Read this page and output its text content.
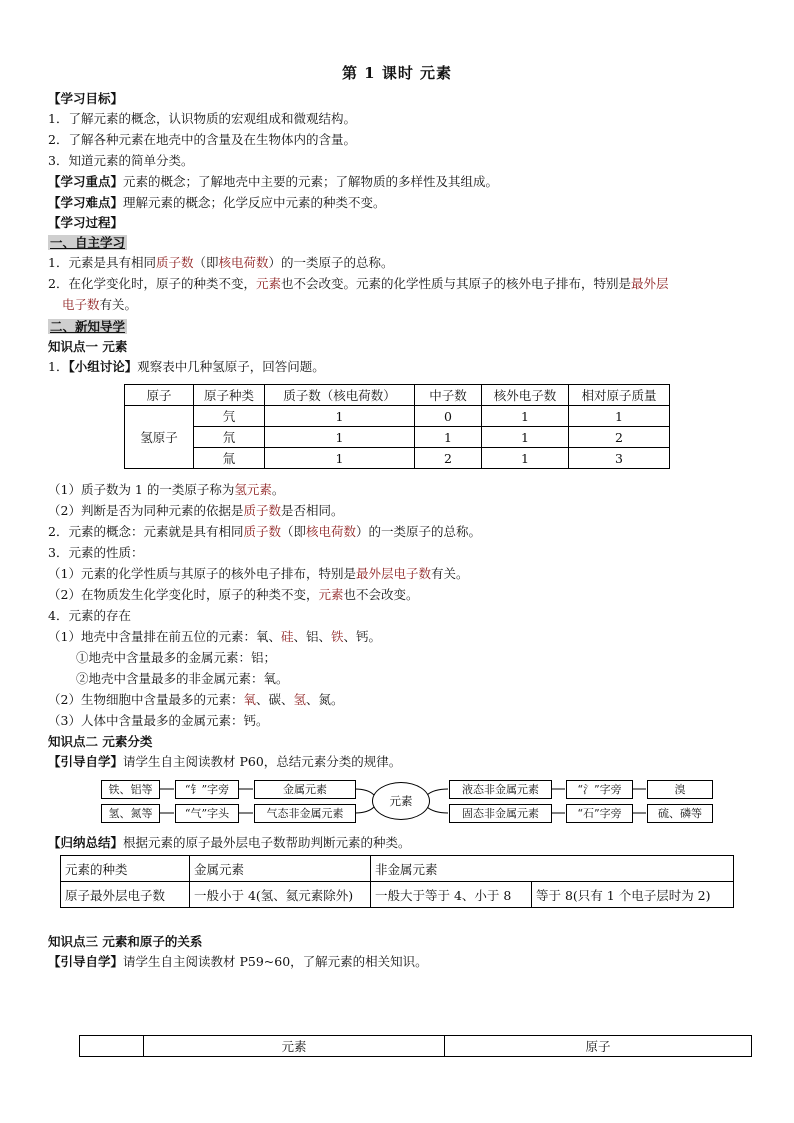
第 1 课时 元素
【学习目标】
1．了解元素的概念，认识物质的宏观组成和微观结构。
2．了解各种元素在地壳中的含量及在生物体内的含量。
3．知道元素的简单分类。
【学习重点】元素的概念；了解地壳中主要的元素；了解物质的多样性及其组成。
【学习难点】理解元素的概念；化学反应中元素的种类不变。
【学习过程】
一、自主学习
1．元素是具有相同质子数（即核电荷数）的一类原子的总称。
2．在化学变化时，原子的种类不变，元素也不会改变。元素的化学性质与其原子的核外电子排布，特别是最外层
电子数有关。
二、新知导学
知识点一 元素
1．【小组讨论】观察表中几种氢原子，回答问题。
原子	原子种类	质子数（核电荷数）	中子数	核外电子数	相对原子质量
氢原子	氕	1	0	1	1
	氘	1	1	1	2
	氚	1	2	1	3
（1）质子数为 1 的一类原子称为氢元素。
（2）判断是否为同种元素的依据是质子数是否相同。
2．元素的概念：元素就是具有相同质子数（即核电荷数）的一类原子的总称。
3．元素的性质：
（1）元素的化学性质与其原子的核外电子排布，特别是最外层电子数有关。
（2）在物质发生化学变化时，原子的种类不变，元素也不会改变。
4．元素的存在
（1）地壳中含量排在前五位的元素：氧、硅、铝、铁、钙。
①地壳中含量最多的金属元素：铝；
②地壳中含量最多的非金属元素：氧。
（2）生物细胞中含量最多的元素：氧、碳、氢、氮。
（3）人体中含量最多的金属元素：钙。
知识点二 元素分类
【引导自学】请学生自主阅读教材 P60，总结元素分类的规律。
铁、铝等	“钅”字旁	金属元素
氢、氮等	“气”字头	气态非金属元素
元素
液态非金属元素	“氵”字旁	溴
固态非金属元素	“石”字旁	硫、磷等
【归纳总结】根据元素的原子最外层电子数帮助判断元素的种类。
元素的种类	金属元素	非金属元素	
原子最外层电子数	一般小于 4(氢、氦元素除外)	一般大于等于 4、小于 8	等于 8(只有 1 个电子层时为 2)
知识点三 元素和原子的关系
【引导自学】请学生自主阅读教材 P59~60，了解元素的相关知识。
	元素	原子
